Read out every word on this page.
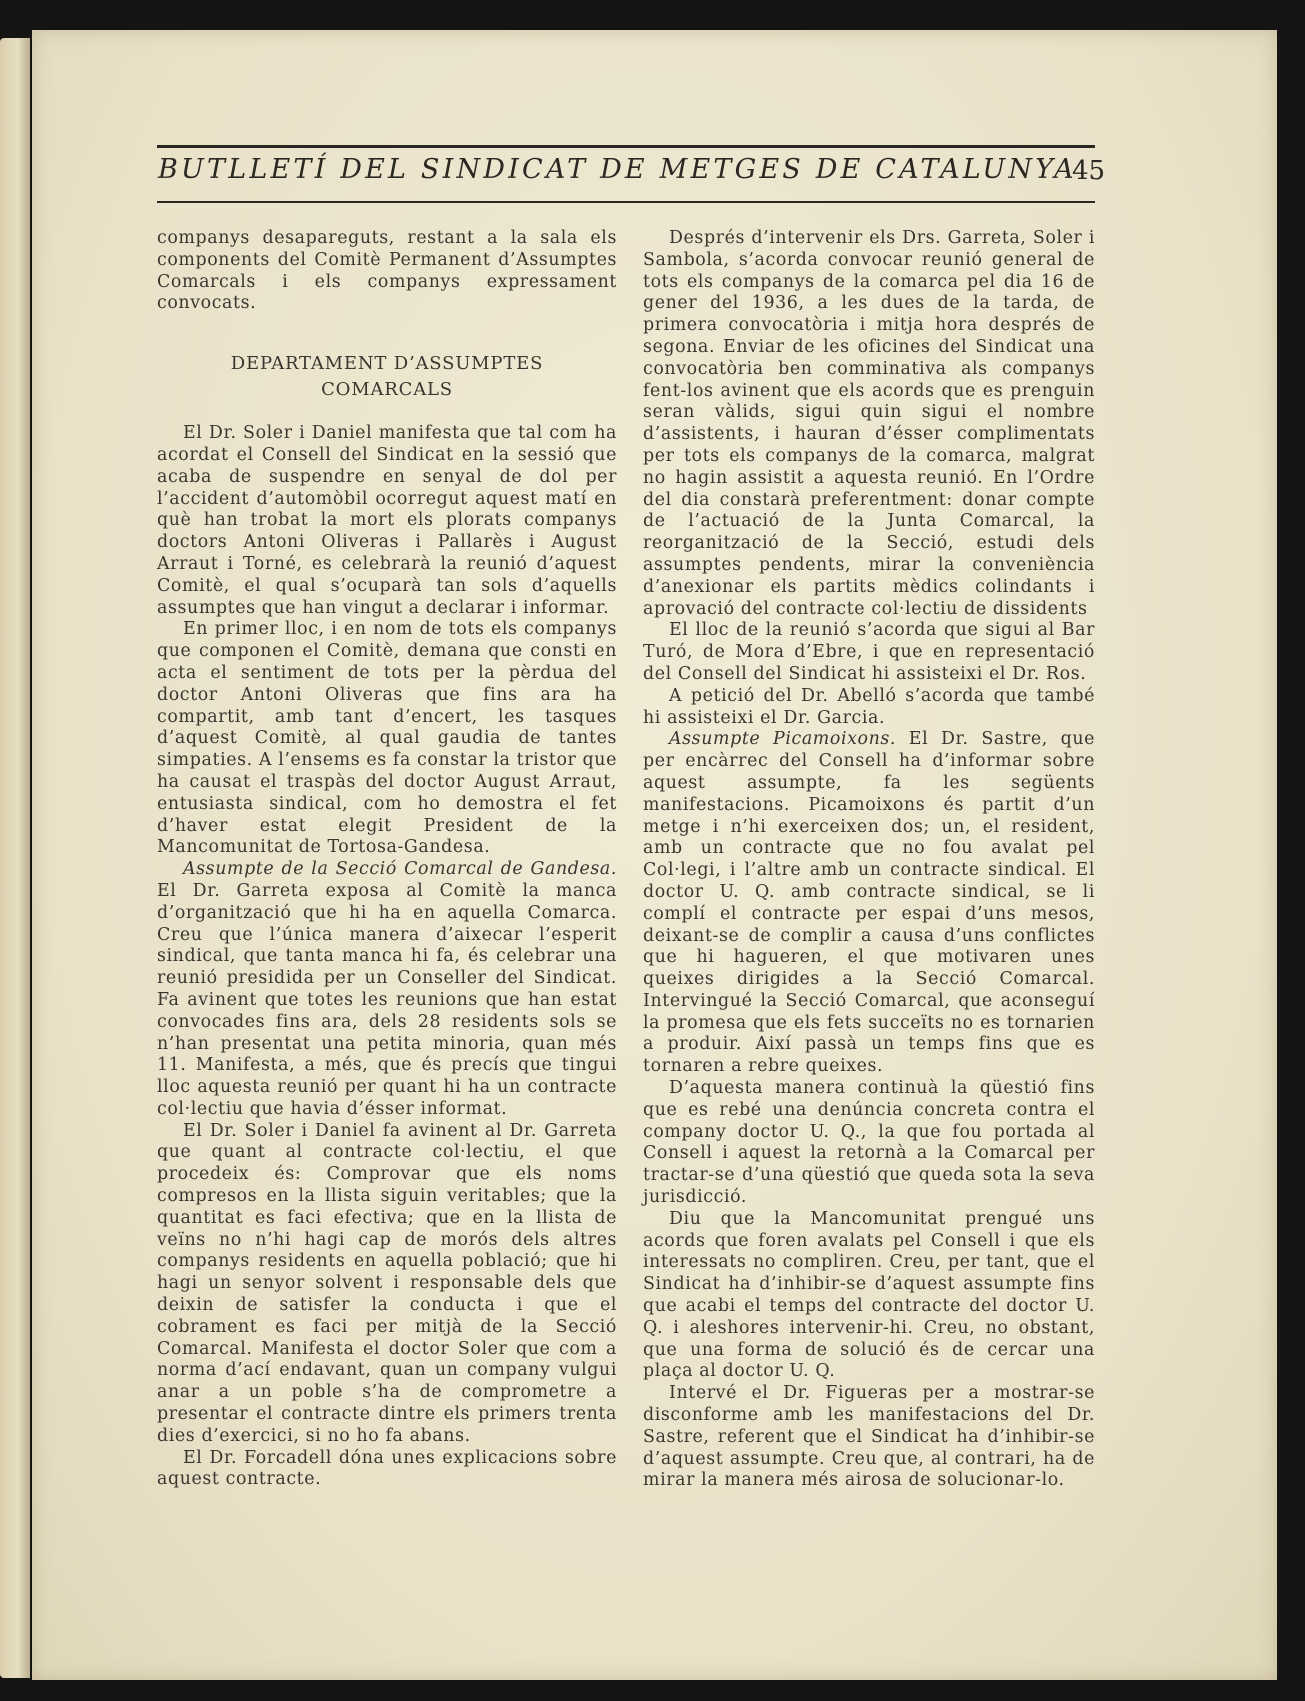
BUTLLETÍ DEL SINDICAT DE METGES DE CATALUNYA
45

companys desapareguts, restant a la sala els components del Comitè Permanent d’Assumptes Comarcals i els companys expressament convocats.

DEPARTAMENT D’ASSUMPTES
COMARCALS

El Dr. Soler i Daniel manifesta que tal com ha acordat el Consell del Sindicat en la sessió que acaba de suspendre en senyal de dol per l’accident d’automòbil ocorregut aquest matí en què han trobat la mort els plorats companys doctors Antoni Oliveras i Pallarès i August Arraut i Torné, es celebrarà la reunió d’aquest Comitè, el qual s’ocuparà tan sols d’aquells assumptes que han vingut a declarar i informar.

En primer lloc, i en nom de tots els companys que componen el Comitè, demana que consti en acta el sentiment de tots per la pèrdua del doctor Antoni Oliveras que fins ara ha compartit, amb tant d’encert, les tasques d’aquest Comitè, al qual gaudia de tantes simpaties. A l’ensems es fa constar la tristor que ha causat el traspàs del doctor August Arraut, entusiasta sindical, com ho demostra el fet d’haver estat elegit President de la Mancomunitat de Tortosa-Gandesa.

Assumpte de la Secció Comarcal de Gandesa. El Dr. Garreta exposa al Comitè la manca d’organització que hi ha en aquella Comarca. Creu que l’única manera d’aixecar l’esperit sindical, que tanta manca hi fa, és celebrar una reunió presidida per un Conseller del Sindicat. Fa avinent que totes les reunions que han estat convocades fins ara, dels 28 residents sols se n’han presentat una petita minoria, quan més 11. Manifesta, a més, que és precís que tingui lloc aquesta reunió per quant hi ha un contracte col·lectiu que havia d’ésser informat.

El Dr. Soler i Daniel fa avinent al Dr. Garreta que quant al contracte col·lectiu, el que procedeix és: Comprovar que els noms compresos en la llista siguin veritables; que la quantitat es faci efectiva; que en la llista de veïns no n’hi hagi cap de morós dels altres companys residents en aquella població; que hi hagi un senyor solvent i responsable dels que deixin de satisfer la conducta i que el cobrament es faci per mitjà de la Secció Comarcal. Manifesta el doctor Soler que com a norma d’ací endavant, quan un company vulgui anar a un poble s’ha de comprometre a presentar el contracte dintre els primers trenta dies d’exercici, si no ho fa abans.

El Dr. Forcadell dóna unes explicacions sobre aquest contracte.

Després d’intervenir els Drs. Garreta, Soler i Sambola, s’acorda convocar reunió general de tots els companys de la comarca pel dia 16 de gener del 1936, a les dues de la tarda, de primera convocatòria i mitja hora després de segona. Enviar de les oficines del Sindicat una convocatòria ben comminativa als companys fent-los avinent que els acords que es prenguin seran vàlids, sigui quin sigui el nombre d’assistents, i hauran d’ésser complimentats per tots els companys de la comarca, malgrat no hagin assistit a aquesta reunió. En l’Ordre del dia constarà preferentment: donar compte de l’actuació de la Junta Comarcal, la reorganització de la Secció, estudi dels assumptes pendents, mirar la conveniència d’anexionar els partits mèdics colindants i aprovació del contracte col·lectiu de dissidents

El lloc de la reunió s’acorda que sigui al Bar Turó, de Mora d’Ebre, i que en representació del Consell del Sindicat hi assisteixi el Dr. Ros.

A petició del Dr. Abelló s’acorda que també hi assisteixi el Dr. Garcia.

Assumpte Picamoixons. El Dr. Sastre, que per encàrrec del Consell ha d’informar sobre aquest assumpte, fa les següents manifestacions. Picamoixons és partit d’un metge i n’hi exerceixen dos; un, el resident, amb un contracte que no fou avalat pel Col·legi, i l’altre amb un contracte sindical. El doctor U. Q. amb contracte sindical, se li complí el contracte per espai d’uns mesos, deixant-se de complir a causa d’uns conflictes que hi hagueren, el que motivaren unes queixes dirigides a la Secció Comarcal. Intervingué la Secció Comarcal, que aconseguí la promesa que els fets succeïts no es tornarien a produir. Així passà un temps fins que es tornaren a rebre queixes.

D’aquesta manera continuà la qüestió fins que es rebé una denúncia concreta contra el company doctor U. Q., la que fou portada al Consell i aquest la retornà a la Comarcal per tractar-se d’una qüestió que queda sota la seva jurisdicció.

Diu que la Mancomunitat prengué uns acords que foren avalats pel Consell i que els interessats no compliren. Creu, per tant, que el Sindicat ha d’inhibir-se d’aquest assumpte fins que acabi el temps del contracte del doctor U. Q. i aleshores intervenir-hi. Creu, no obstant, que una forma de solució és de cercar una plaça al doctor U. Q.

Intervé el Dr. Figueras per a mostrar-se disconforme amb les manifestacions del Dr. Sastre, referent que el Sindicat ha d’inhibir-se d’aquest assumpte. Creu que, al contrari, ha de mirar la manera més airosa de solucionar-lo.
